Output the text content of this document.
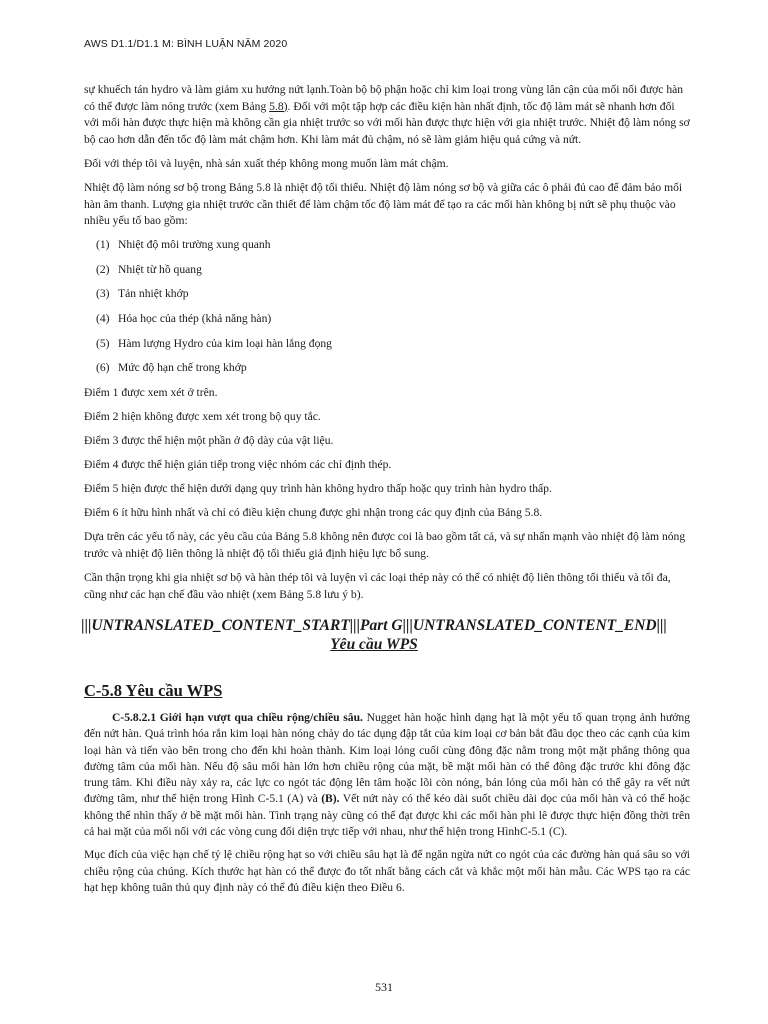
AWS D1.1/D1.1 M: BÌNH LUẬN NĂM 2020

sự khuếch tán hydro và làm giảm xu hướng nứt lạnh.Toàn bộ bộ phận hoặc chỉ kim loại trong vùng lân cận của mối nối được hàn có thể được làm nóng trước (xem Bảng 5.8). Đối với một tập hợp các điều kiện hàn nhất định, tốc độ làm mát sẽ nhanh hơn đối với mối hàn được thực hiện mà không cần gia nhiệt trước so với mối hàn được thực hiện với gia nhiệt trước. Nhiệt độ làm nóng sơ bộ cao hơn dẫn đến tốc độ làm mát chậm hơn. Khi làm mát đủ chậm, nó sẽ làm giảm hiệu quả cứng và nứt.

Đối với thép tôi và luyện, nhà sản xuất thép không mong muốn làm mát chậm.

Nhiệt độ làm nóng sơ bộ trong Bảng 5.8 là nhiệt độ tối thiểu. Nhiệt độ làm nóng sơ bộ và giữa các ô phải đủ cao để đảm bảo mối hàn âm thanh. Lượng gia nhiệt trước cần thiết để làm chậm tốc độ làm mát để tạo ra các mối hàn không bị nứt sẽ phụ thuộc vào nhiều yếu tố bao gồm:

(1) Nhiệt độ môi trường xung quanh
(2) Nhiệt từ hồ quang
(3) Tản nhiệt khớp
(4) Hóa học của thép (khả năng hàn)
(5) Hàm lượng Hydro của kim loại hàn lắng đọng
(6) Mức độ hạn chế trong khớp

Điểm 1 được xem xét ở trên.

Điểm 2 hiện không được xem xét trong bộ quy tắc.

Điểm 3 được thể hiện một phần ở độ dày của vật liệu.

Điểm 4 được thể hiện gián tiếp trong việc nhóm các chỉ định thép.

Điểm 5 hiện được thể hiện dưới dạng quy trình hàn không hydro thấp hoặc quy trình hàn hydro thấp.

Điểm 6 ít hữu hình nhất và chỉ có điều kiện chung được ghi nhận trong các quy định của Bảng 5.8.

Dựa trên các yếu tố này, các yêu cầu của Bảng 5.8 không nên được coi là bao gồm tất cả, và sự nhấn mạnh vào nhiệt độ làm nóng trước và nhiệt độ liên thông là nhiệt độ tối thiểu giả định hiệu lực bổ sung.

Cần thận trọng khi gia nhiệt sơ bộ và hàn thép tôi và luyện vì các loại thép này có thể có nhiệt độ liên thông tối thiểu và tối đa, cũng như các hạn chế đầu vào nhiệt (xem Bảng 5.8 lưu ý b).

|||UNTRANSLATED_CONTENT_START|||Part G|||UNTRANSLATED_CONTENT_END|||
Yêu cầu WPS
C-5.8 Yêu cầu WPS

C-5.8.2.1 Giới hạn vượt qua chiều rộng/chiều sâu. Nugget hàn hoặc hình dạng hạt là một yếu tố quan trọng ảnh hưởng đến nứt hàn. Quá trình hóa rắn kim loại hàn nóng chảy do tác dụng đập tắt của kim loại cơ bản bắt đầu dọc theo các cạnh của kim loại hàn và tiến vào bên trong cho đến khi hoàn thành. Kim loại lỏng cuối cùng đông đặc nằm trong một mặt phẳng thông qua đường tâm của mối hàn. Nếu độ sâu mối hàn lớn hơn chiều rộng của mặt, bề mặt mối hàn có thể đông đặc trước khi đông đặc trung tâm. Khi điều này xảy ra, các lực co ngót tác động lên tâm hoặc lõi còn nóng, bán lỏng của mối hàn có thể gây ra vết nứt đường tâm, như thể hiện trong Hình C-5.1 (A) và (B). Vết nứt này có thể kéo dài suốt chiều dài dọc của mối hàn và có thể hoặc không thể nhìn thấy ở bề mặt mối hàn. Tình trạng này cũng có thể đạt được khi các mối hàn phi lê được thực hiện đồng thời trên cả hai mặt của mối nối với các vòng cung đối diện trực tiếp với nhau, như thể hiện trong HìnhC-5.1 (C).

Mục đích của việc hạn chế tỷ lệ chiều rộng hạt so với chiều sâu hạt là để ngăn ngừa nứt co ngót của các đường hàn quá sâu so với chiều rộng của chúng. Kích thước hạt hàn có thể được đo tốt nhất bằng cách cắt và khắc một mối hàn mẫu. Các WPS tạo ra các hạt hẹp không tuân thủ quy định này có thể đủ điều kiện theo Điều 6.

531
